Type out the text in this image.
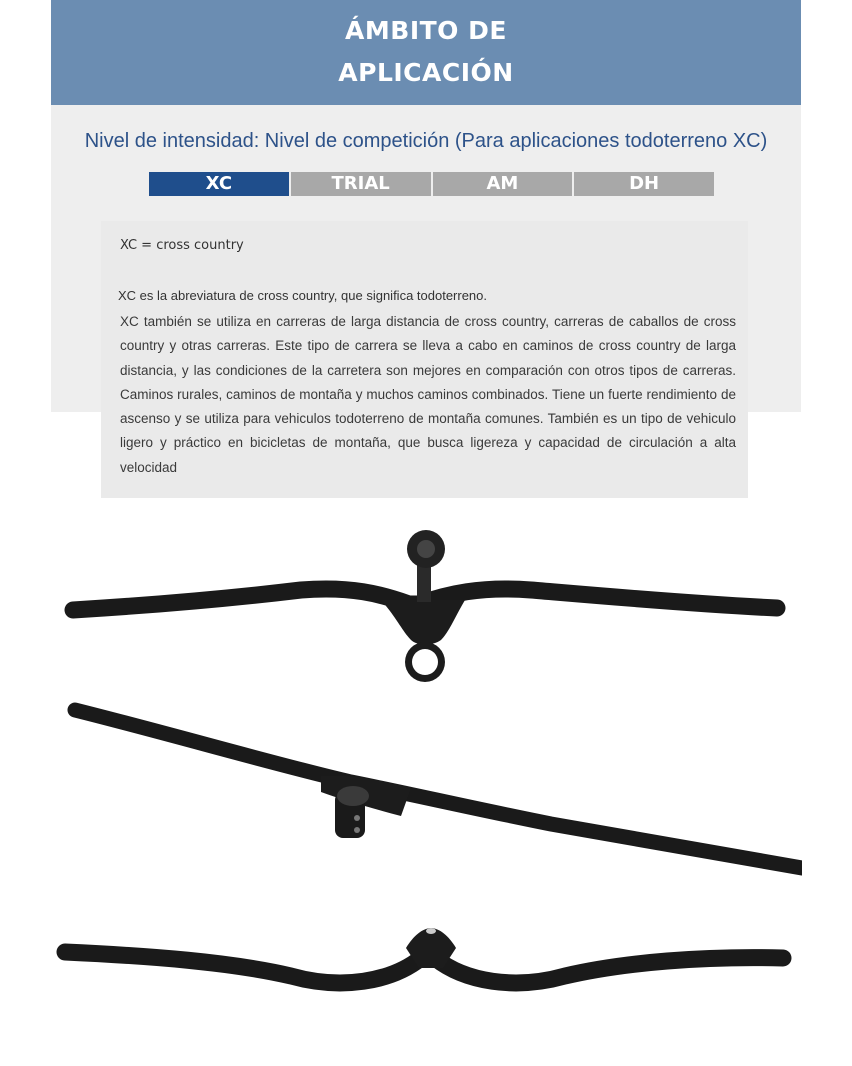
ÁMBITO DE
APLICACIÓN
Nivel de intensidad: Nivel de competición (Para aplicaciones todoterreno XC)
XC	TRIAL	AM	DH
XC = cross country
XC es la abreviatura de cross country, que significa todoterreno.
XC también se utiliza en carreras de larga distancia de cross country, carreras de caballos de cross country y otras carreras. Este tipo de carrera se lleva a cabo en caminos de cross country de larga distancia, y las condiciones de la carretera son mejores en comparación con otros tipos de carreras. Caminos rurales, caminos de montaña y muchos caminos combinados. Tiene un fuerte rendimiento de ascenso y se utiliza para vehiculos todoterreno de montaña comunes. También es un tipo de vehiculo ligero y práctico en bicicletas de montaña, que busca ligereza y capacidad de circulación a alta velocidad
